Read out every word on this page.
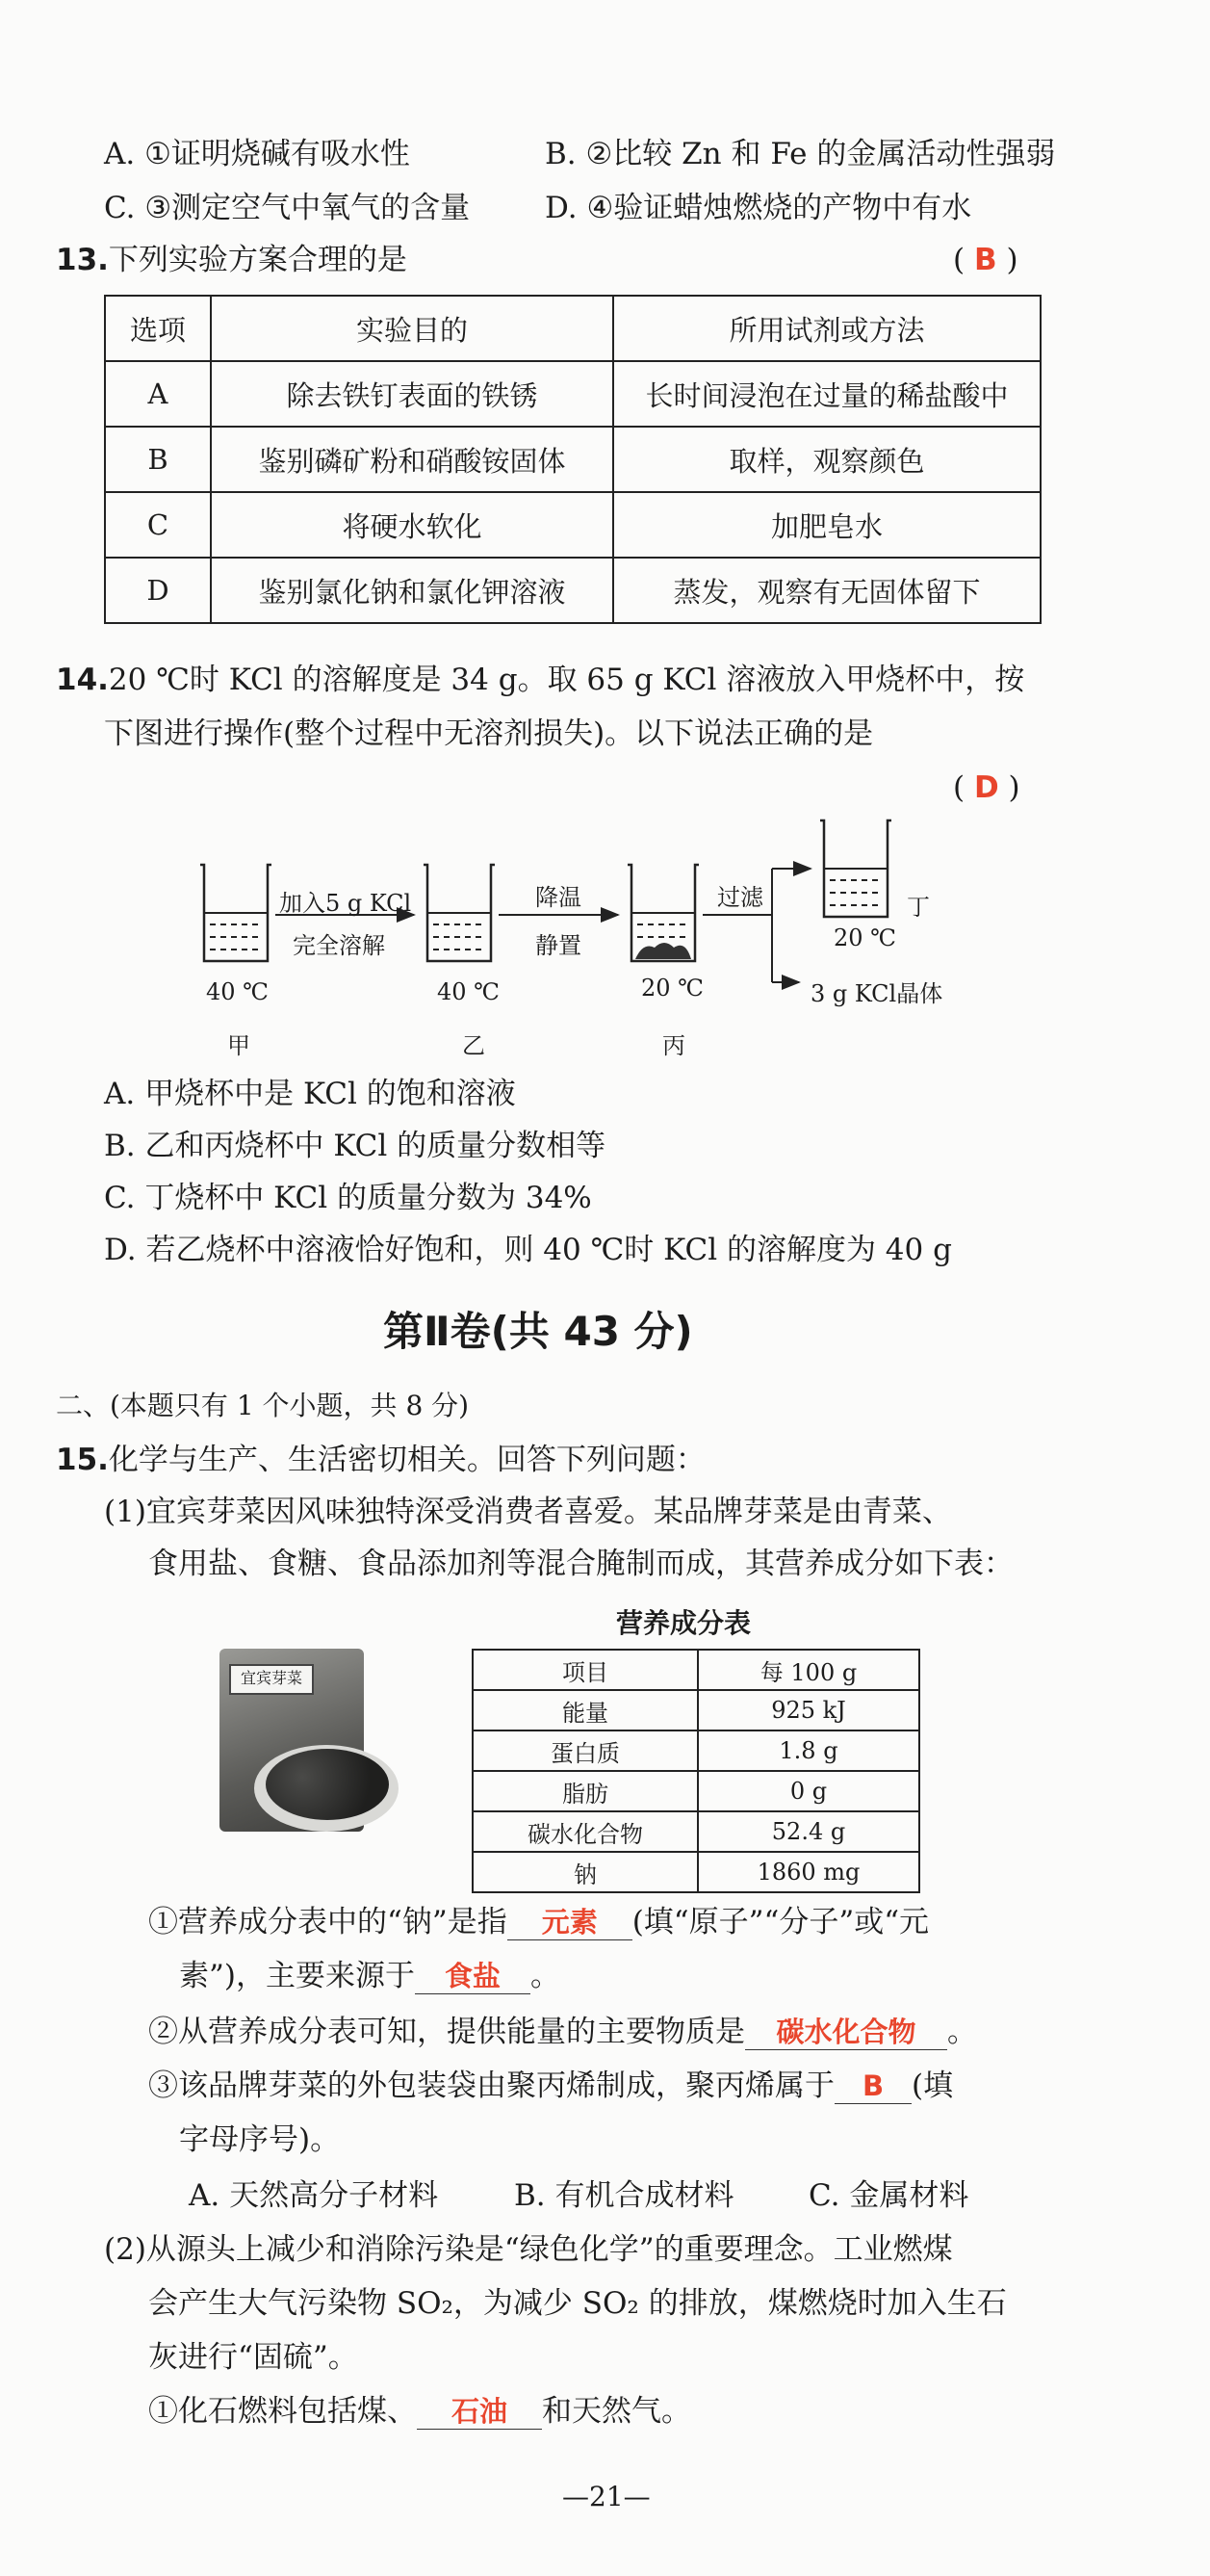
A. ①证明烧碱有吸水性	B. ②比较 Zn 和 Fe 的金属活动性强弱
C. ③测定空气中氧气的含量	D. ④验证蜡烛燃烧的产物中有水
13.下列实验方案合理的是	( B )
选项	实验目的	所用试剂或方法
A	除去铁钉表面的铁锈	长时间浸泡在过量的稀盐酸中
B	鉴别磷矿粉和硝酸铵固体	取样，观察颜色
C	将硬水软化	加肥皂水
D	鉴别氯化钠和氯化钾溶液	蒸发，观察有无固体留下
14.20 ℃时 KCl 的溶解度是 34 g。取 65 g KCl 溶液放入甲烧杯中，按
下图进行操作(整个过程中无溶剂损失)。以下说法正确的是
( D )
加入5 g KCl
完全溶解
降温
静置
过滤
40 ℃
甲
40 ℃
乙
20 ℃
丙
20 ℃
丁
3 g KCl晶体
A. 甲烧杯中是 KCl 的饱和溶液
B. 乙和丙烧杯中 KCl 的质量分数相等
C. 丁烧杯中 KCl 的质量分数为 34%
D. 若乙烧杯中溶液恰好饱和，则 40 ℃时 KCl 的溶解度为 40 g
第Ⅱ卷(共 43 分)
二、(本题只有 1 个小题，共 8 分)
15.化学与生产、生活密切相关。回答下列问题：
(1)宜宾芽菜因风味独特深受消费者喜爱。某品牌芽菜是由青菜、
食用盐、食糖、食品添加剂等混合腌制而成，其营养成分如下表：
宜宾芽菜
营养成分表
项目	每 100 g
能量	925 kJ
蛋白质	1.8 g
脂肪	0 g
碳水化合物	52.4 g
钠	1860 mg
①营养成分表中的“钠”是指 元素 (填“原子”“分子”或“元
素”)，主要来源于 食盐 。
②从营养成分表可知，提供能量的主要物质是 碳水化合物 。
③该品牌芽菜的外包装袋由聚丙烯制成，聚丙烯属于 B (填
字母序号)。
A. 天然高分子材料	B. 有机合成材料	C. 金属材料
(2)从源头上减少和消除污染是“绿色化学”的重要理念。工业燃煤
会产生大气污染物 SO₂，为减少 SO₂ 的排放，煤燃烧时加入生石
灰进行“固硫”。
①化石燃料包括煤、 石油 和天然气。
—21—
